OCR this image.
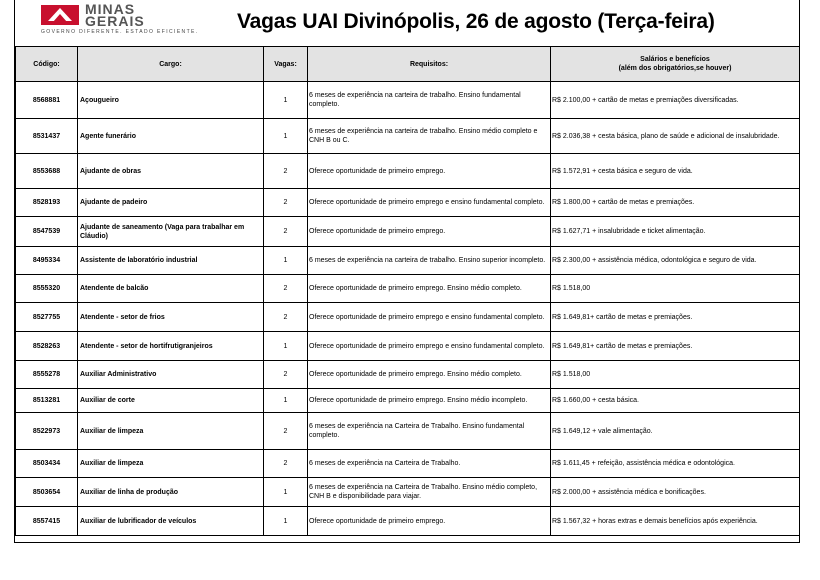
MINAS
GERAIS
GOVERNO DIFERENTE. ESTADO EFICIENTE. Vagas UAI Divinópolis, 26 de agosto (Terça-feira)
Código:	Cargo:	Vagas:	Requisitos:	Salários e benefícios
(além dos obrigatórios,se houver)

8568881	Açougueiro	1	6 meses de experiência na carteira de trabalho. Ensino fundamental completo.	R$ 2.100,00 + cartão de metas e premiações diversificadas.
8531437	Agente funerário	1	6 meses de experiência na carteira de trabalho. Ensino médio completo e CNH B ou C.	R$ 2.036,38 + cesta básica, plano de saúde e adicional de insalubridade.
8553688	Ajudante de obras	2	Oferece oportunidade de primeiro emprego.	R$ 1.572,91 + cesta básica e seguro de vida.
8528193	Ajudante de padeiro	2	Oferece oportunidade de primeiro emprego e ensino fundamental completo.	R$ 1.800,00 + cartão de metas e premiações.
8547539	Ajudante de saneamento (Vaga para trabalhar em Cláudio)	2	Oferece oportunidade de primeiro emprego.	R$ 1.627,71 + insalubridade e ticket alimentação.
8495334	Assistente de laboratório industrial	1	6 meses de experiência na carteira de trabalho. Ensino superior incompleto.	R$ 2.300,00 + assistência médica, odontológica e seguro de vida.
8555320	Atendente de balcão	2	Oferece oportunidade de primeiro emprego. Ensino médio completo.	R$ 1.518,00
8527755	Atendente - setor de frios	2	Oferece oportunidade de primeiro emprego e ensino fundamental completo.	R$ 1.649,81+ cartão de metas e premiações.
8528263	Atendente - setor de hortifrutigranjeiros	1	Oferece oportunidade de primeiro emprego e ensino fundamental completo.	R$ 1.649,81+ cartão de metas e premiações.
8555278	Auxiliar Administrativo	2	Oferece oportunidade de primeiro emprego. Ensino médio completo.	R$ 1.518,00
8513281	Auxiliar de corte	1	Oferece oportunidade de primeiro emprego. Ensino médio incompleto.	R$ 1.660,00 + cesta básica.
8522973	Auxiliar de limpeza	2	6 meses de experiência na Carteira de Trabalho. Ensino fundamental completo.	R$ 1.649,12 + vale alimentação.
8503434	Auxiliar de limpeza	2	6 meses de experiência na Carteira de Trabalho.	R$ 1.611,45 + refeição, assistência médica e odontológica.
8503654	Auxiliar de linha de produção	1	6 meses de experiência na Carteira de Trabalho. Ensino médio completo, CNH B e disponibilidade para viajar.	R$ 2.000,00 + assistência médica e bonificações.
8557415	Auxiliar de lubrificador de veículos	1	Oferece oportunidade de primeiro emprego.	R$ 1.567,32 + horas extras e demais benefícios após experiência.
